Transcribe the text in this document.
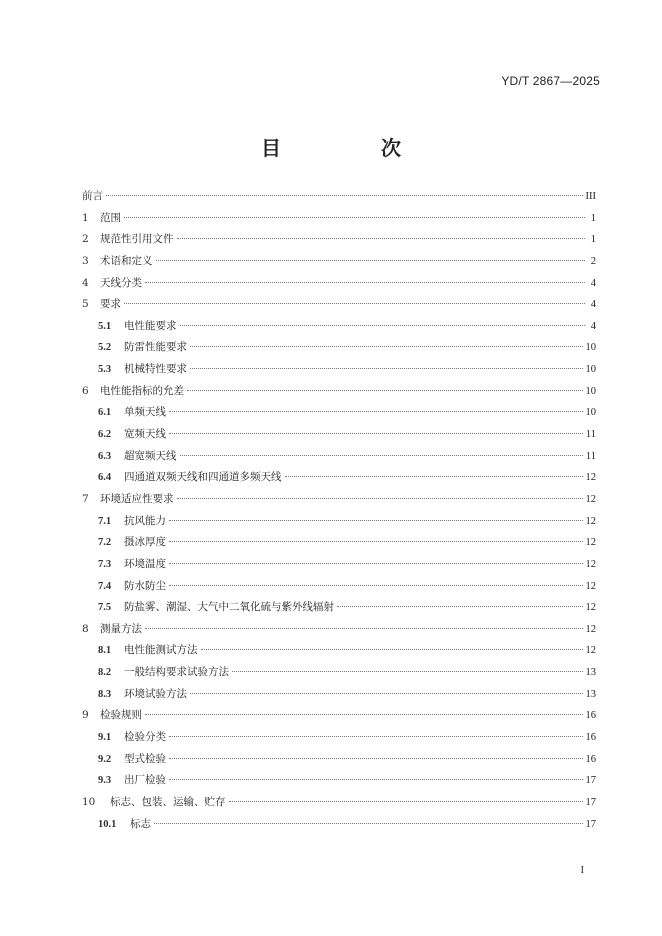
YD/T 2867—2025
目　次
前言	III
1	范围	1
2	规范性引用文件	1
3	术语和定义	2
4	天线分类	4
5	要求	4
5.1	电性能要求	4
5.2	防雷性能要求	10
5.3	机械特性要求	10
6	电性能指标的允差	10
6.1	单频天线	10
6.2	宽频天线	11
6.3	超宽频天线	11
6.4	四通道双频天线和四通道多频天线	12
7	环境适应性要求	12
7.1	抗风能力	12
7.2	摄冰厚度	12
7.3	环境温度	12
7.4	防水防尘	12
7.5	防盐雾、潮湿、大气中二氧化硫与紫外线辐射	12
8	测量方法	12
8.1	电性能测试方法	12
8.2	一般结构要求试验方法	13
8.3	环境试验方法	13
9	检验规则	16
9.1	检验分类	16
9.2	型式检验	16
9.3	出厂检验	17
10	标志、包装、运输、贮存	17
10.1	标志	17
I
